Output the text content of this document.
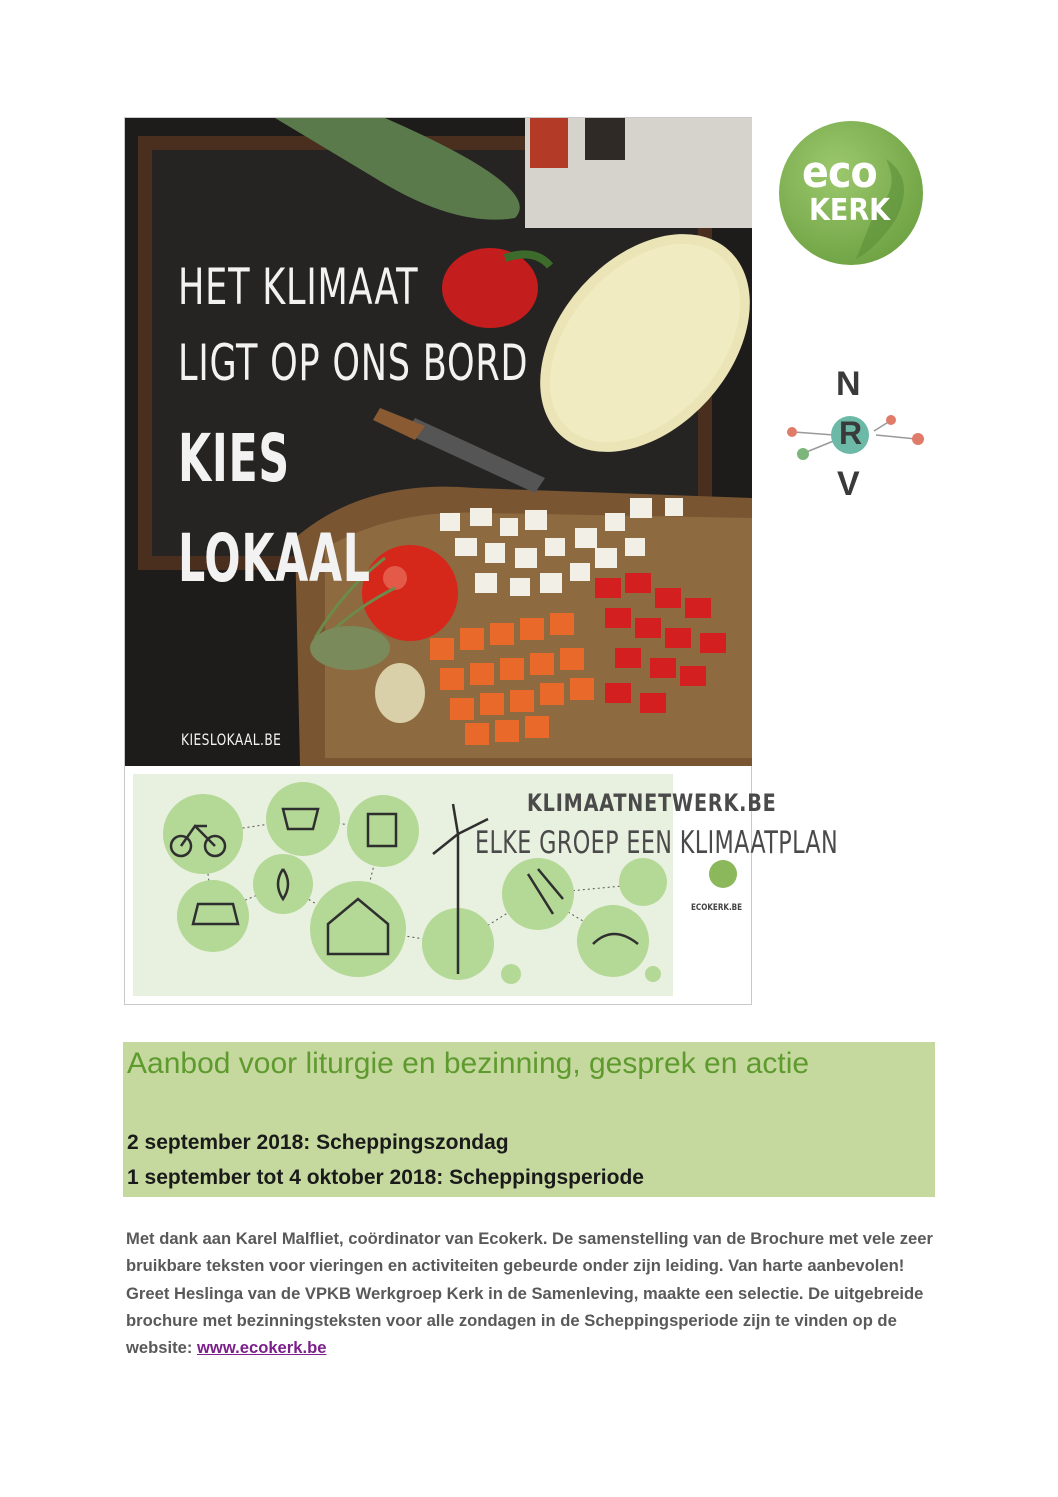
HET KLIMAAT
LIGT OP ONS BORD
KIES
LOKAAL
KIESLOKAAL.BE
KLIMAATNETWERK.BE
ELKE GROEP EEN KLIMAATPLAN
ECOKERK.BE
eco
KERK
N
R
V
Aanbod voor liturgie en bezinning, gesprek en actie
2 september 2018: Scheppingszondag
1 september tot 4 oktober 2018: Scheppingsperiode
Met dank aan Karel Malfliet, coördinator van Ecokerk. De samenstelling van de Brochure met vele zeer bruikbare teksten voor vieringen en activiteiten gebeurde onder zijn leiding. Van harte aanbevolen! Greet Heslinga van de VPKB Werkgroep Kerk in de Samenleving, maakte een selectie. De uitgebreide brochure met bezinningsteksten voor alle zondagen in de Scheppingsperiode zijn te vinden op de website: www.ecokerk.be
